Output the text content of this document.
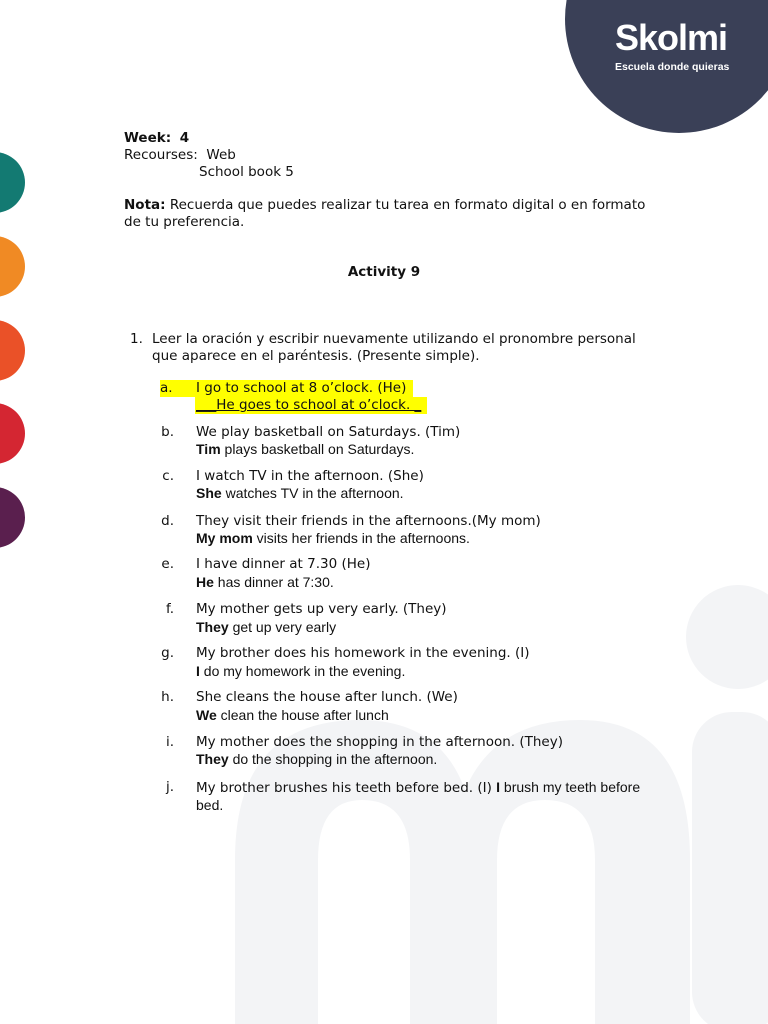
Skolmi
Escuela donde quieras
Week: 4
Recourses: Web
School book 5
Nota: Recuerda que puedes realizar tu tarea en formato digital o en formato
de tu preferencia.
Activity 9
1. Leer la oración y escribir nuevamente utilizando el pronombre personal
que aparece en el paréntesis. (Presente simple).
a. I go to school at 8 o’clock. (He)
___He goes to school at o’clock. _
b. We play basketball on Saturdays. (Tim)
Tim plays basketball on Saturdays.
c. I watch TV in the afternoon. (She)
She watches TV in the afternoon.
d. They visit their friends in the afternoons.(My mom)
My mom visits her friends in the afternoons.
e. I have dinner at 7.30 (He)
He has dinner at 7:30.
f. My mother gets up very early. (They)
They get up very early
g. My brother does his homework in the evening. (I)
I do my homework in the evening.
h. She cleans the house after lunch. (We)
We clean the house after lunch
i. My mother does the shopping in the afternoon. (They)
They do the shopping in the afternoon.
j. My brother brushes his teeth before bed. (I) I brush my teeth before
bed.
